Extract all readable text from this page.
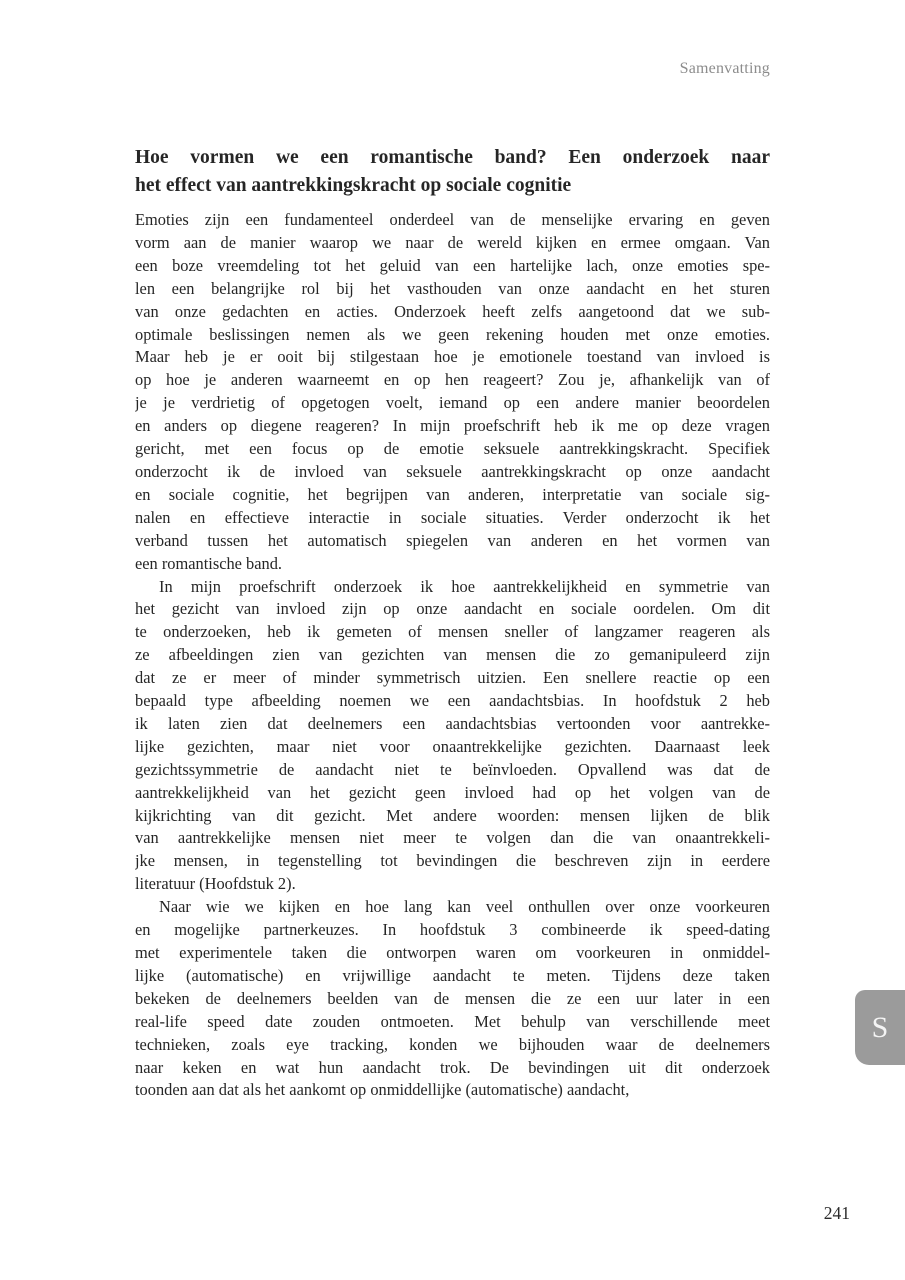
Samenvatting
Hoe vormen we een romantische band? Een onderzoek naar
het effect van aantrekkingskracht op sociale cognitie
Emoties zijn een fundamenteel onderdeel van de menselijke ervaring en geven
vorm aan de manier waarop we naar de wereld kijken en ermee omgaan. Van
een boze vreemdeling tot het geluid van een hartelijke lach, onze emoties spe-
len een belangrijke rol bij het vasthouden van onze aandacht en het sturen
van onze gedachten en acties. Onderzoek heeft zelfs aangetoond dat we sub-
optimale beslissingen nemen als we geen rekening houden met onze emoties.
Maar heb je er ooit bij stilgestaan hoe je emotionele toestand van invloed is
op hoe je anderen waarneemt en op hen reageert? Zou je, afhankelijk van of
je je verdrietig of opgetogen voelt, iemand op een andere manier beoordelen
en anders op diegene reageren? In mijn proefschrift heb ik me op deze vragen
gericht, met een focus op de emotie seksuele aantrekkingskracht. Specifiek
onderzocht ik de invloed van seksuele aantrekkingskracht op onze aandacht
en sociale cognitie, het begrijpen van anderen, interpretatie van sociale sig-
nalen en effectieve interactie in sociale situaties. Verder onderzocht ik het
verband tussen het automatisch spiegelen van anderen en het vormen van
een romantische band.
In mijn proefschrift onderzoek ik hoe aantrekkelijkheid en symmetrie van
het gezicht van invloed zijn op onze aandacht en sociale oordelen. Om dit
te onderzoeken, heb ik gemeten of mensen sneller of langzamer reageren als
ze afbeeldingen zien van gezichten van mensen die zo gemanipuleerd zijn
dat ze er meer of minder symmetrisch uitzien. Een snellere reactie op een
bepaald type afbeelding noemen we een aandachtsbias. In hoofdstuk 2 heb
ik laten zien dat deelnemers een aandachtsbias vertoonden voor aantrekke-
lijke gezichten, maar niet voor onaantrekkelijke gezichten. Daarnaast leek
gezichtssymmetrie de aandacht niet te beïnvloeden. Opvallend was dat de
aantrekkelijkheid van het gezicht geen invloed had op het volgen van de
kijkrichting van dit gezicht. Met andere woorden: mensen lijken de blik
van aantrekkelijke mensen niet meer te volgen dan die van onaantrekkeli-
jke mensen, in tegenstelling tot bevindingen die beschreven zijn in eerdere
literatuur (Hoofdstuk 2).
Naar wie we kijken en hoe lang kan veel onthullen over onze voorkeuren
en mogelijke partnerkeuzes. In hoofdstuk 3 combineerde ik speed-dating
met experimentele taken die ontworpen waren om voorkeuren in onmiddel-
lijke (automatische) en vrijwillige aandacht te meten. Tijdens deze taken
bekeken de deelnemers beelden van de mensen die ze een uur later in een
real-life speed date zouden ontmoeten. Met behulp van verschillende meet
technieken, zoals eye tracking, konden we bijhouden waar de deelnemers
naar keken en wat hun aandacht trok. De bevindingen uit dit onderzoek
toonden aan dat als het aankomt op onmiddellijke (automatische) aandacht,
S
241
